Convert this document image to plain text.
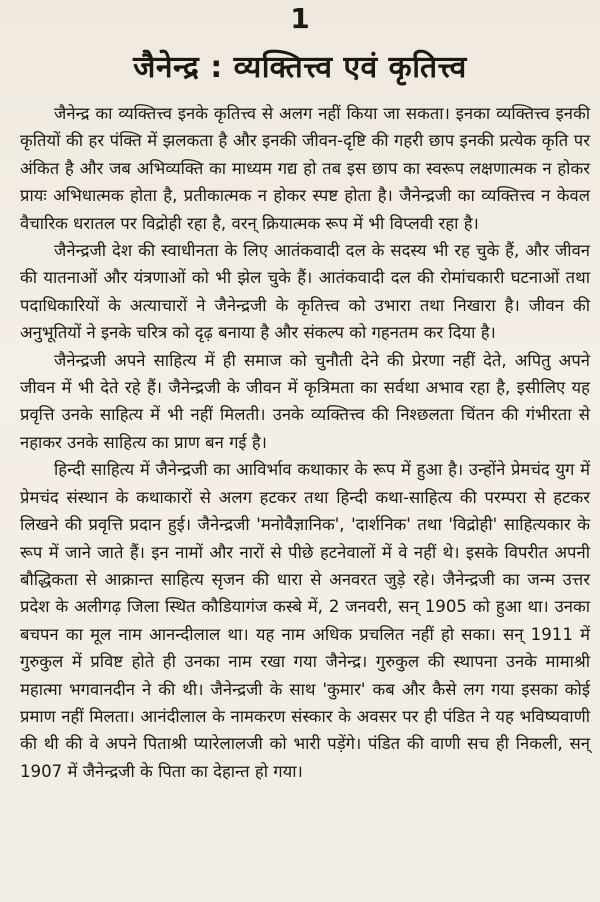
1
जैनेन्द्र : व्यक्तित्त्व एवं कृतित्त्व

जैनेन्द्र का व्यक्तित्त्व इनके कृतित्त्व से अलग नहीं किया जा सकता। इनका व्यक्तित्त्व इनकी कृतियों की हर पंक्ति में झलकता है और इनकी जीवन-दृष्टि की गहरी छाप इनकी प्रत्येक कृति पर अंकित है और जब अभिव्यक्ति का माध्यम गद्य हो तब इस छाप का स्वरूप लक्षणात्मक न होकर प्रायः अभिधात्मक होता है, प्रतीकात्मक न होकर स्पष्ट होता है। जैनेन्द्रजी का व्यक्तित्त्व न केवल वैचारिक धरातल पर विद्रोही रहा है, वरन् क्रियात्मक रूप में भी विप्लवी रहा है।

जैनेन्द्रजी देश की स्वाधीनता के लिए आतंकवादी दल के सदस्य भी रह चुके हैं, और जीवन की यातनाओं और यंत्रणाओं को भी झेल चुके हैं। आतंकवादी दल की रोमांचकारी घटनाओं तथा पदाधिकारियों के अत्याचारों ने जैनेन्द्रजी के कृतित्त्व को उभारा तथा निखारा है। जीवन की अनुभूतियों ने इनके चरित्र को दृढ़ बनाया है और संकल्प को गहनतम कर दिया है।

जैनेन्द्रजी अपने साहित्य में ही समाज को चुनौती देने की प्रेरणा नहीं देते, अपितु अपने जीवन में भी देते रहे हैं। जैनेन्द्रजी के जीवन में कृत्रिमता का सर्वथा अभाव रहा है, इसीलिए यह प्रवृत्ति उनके साहित्य में भी नहीं मिलती। उनके व्यक्तित्त्व की निश्छलता चिंतन की गंभीरता से नहाकर उनके साहित्य का प्राण बन गई है।

हिन्दी साहित्य में जैनेन्द्रजी का आविर्भाव कथाकार के रूप में हुआ है। उन्होंने प्रेमचंद युग में प्रेमचंद संस्थान के कथाकारों से अलग हटकर तथा हिन्दी कथा-साहित्य की परम्परा से हटकर लिखने की प्रवृत्ति प्रदान हुई। जैनेन्द्रजी 'मनोवैज्ञानिक', 'दार्शनिक' तथा 'विद्रोही' साहित्यकार के रूप में जाने जाते हैं। इन नामों और नारों से पीछे हटनेवालों में वे नहीं थे। इसके विपरीत अपनी बौद्धिकता से आक्रान्त साहित्य सृजन की धारा से अनवरत जुड़े रहे। जैनेन्द्रजी का जन्म उत्तर प्रदेश के अलीगढ़ जिला स्थित कौडियागंज कस्बे में, 2 जनवरी, सन् 1905 को हुआ था। उनका बचपन का मूल नाम आनन्दीलाल था। यह नाम अधिक प्रचलित नहीं हो सका। सन् 1911 में गुरुकुल में प्रविष्ट होते ही उनका नाम रखा गया जैनेन्द्र। गुरुकुल की स्थापना उनके मामाश्री महात्मा भगवानदीन ने की थी। जैनेन्द्रजी के साथ 'कुमार' कब और कैसे लग गया इसका कोई प्रमाण नहीं मिलता। आनंदीलाल के नामकरण संस्कार के अवसर पर ही पंडित ने यह भविष्यवाणी की थी की वे अपने पिताश्री प्यारेलालजी को भारी पड़ेंगे। पंडित की वाणी सच ही निकली, सन् 1907 में जैनेन्द्रजी के पिता का देहान्त हो गया।
